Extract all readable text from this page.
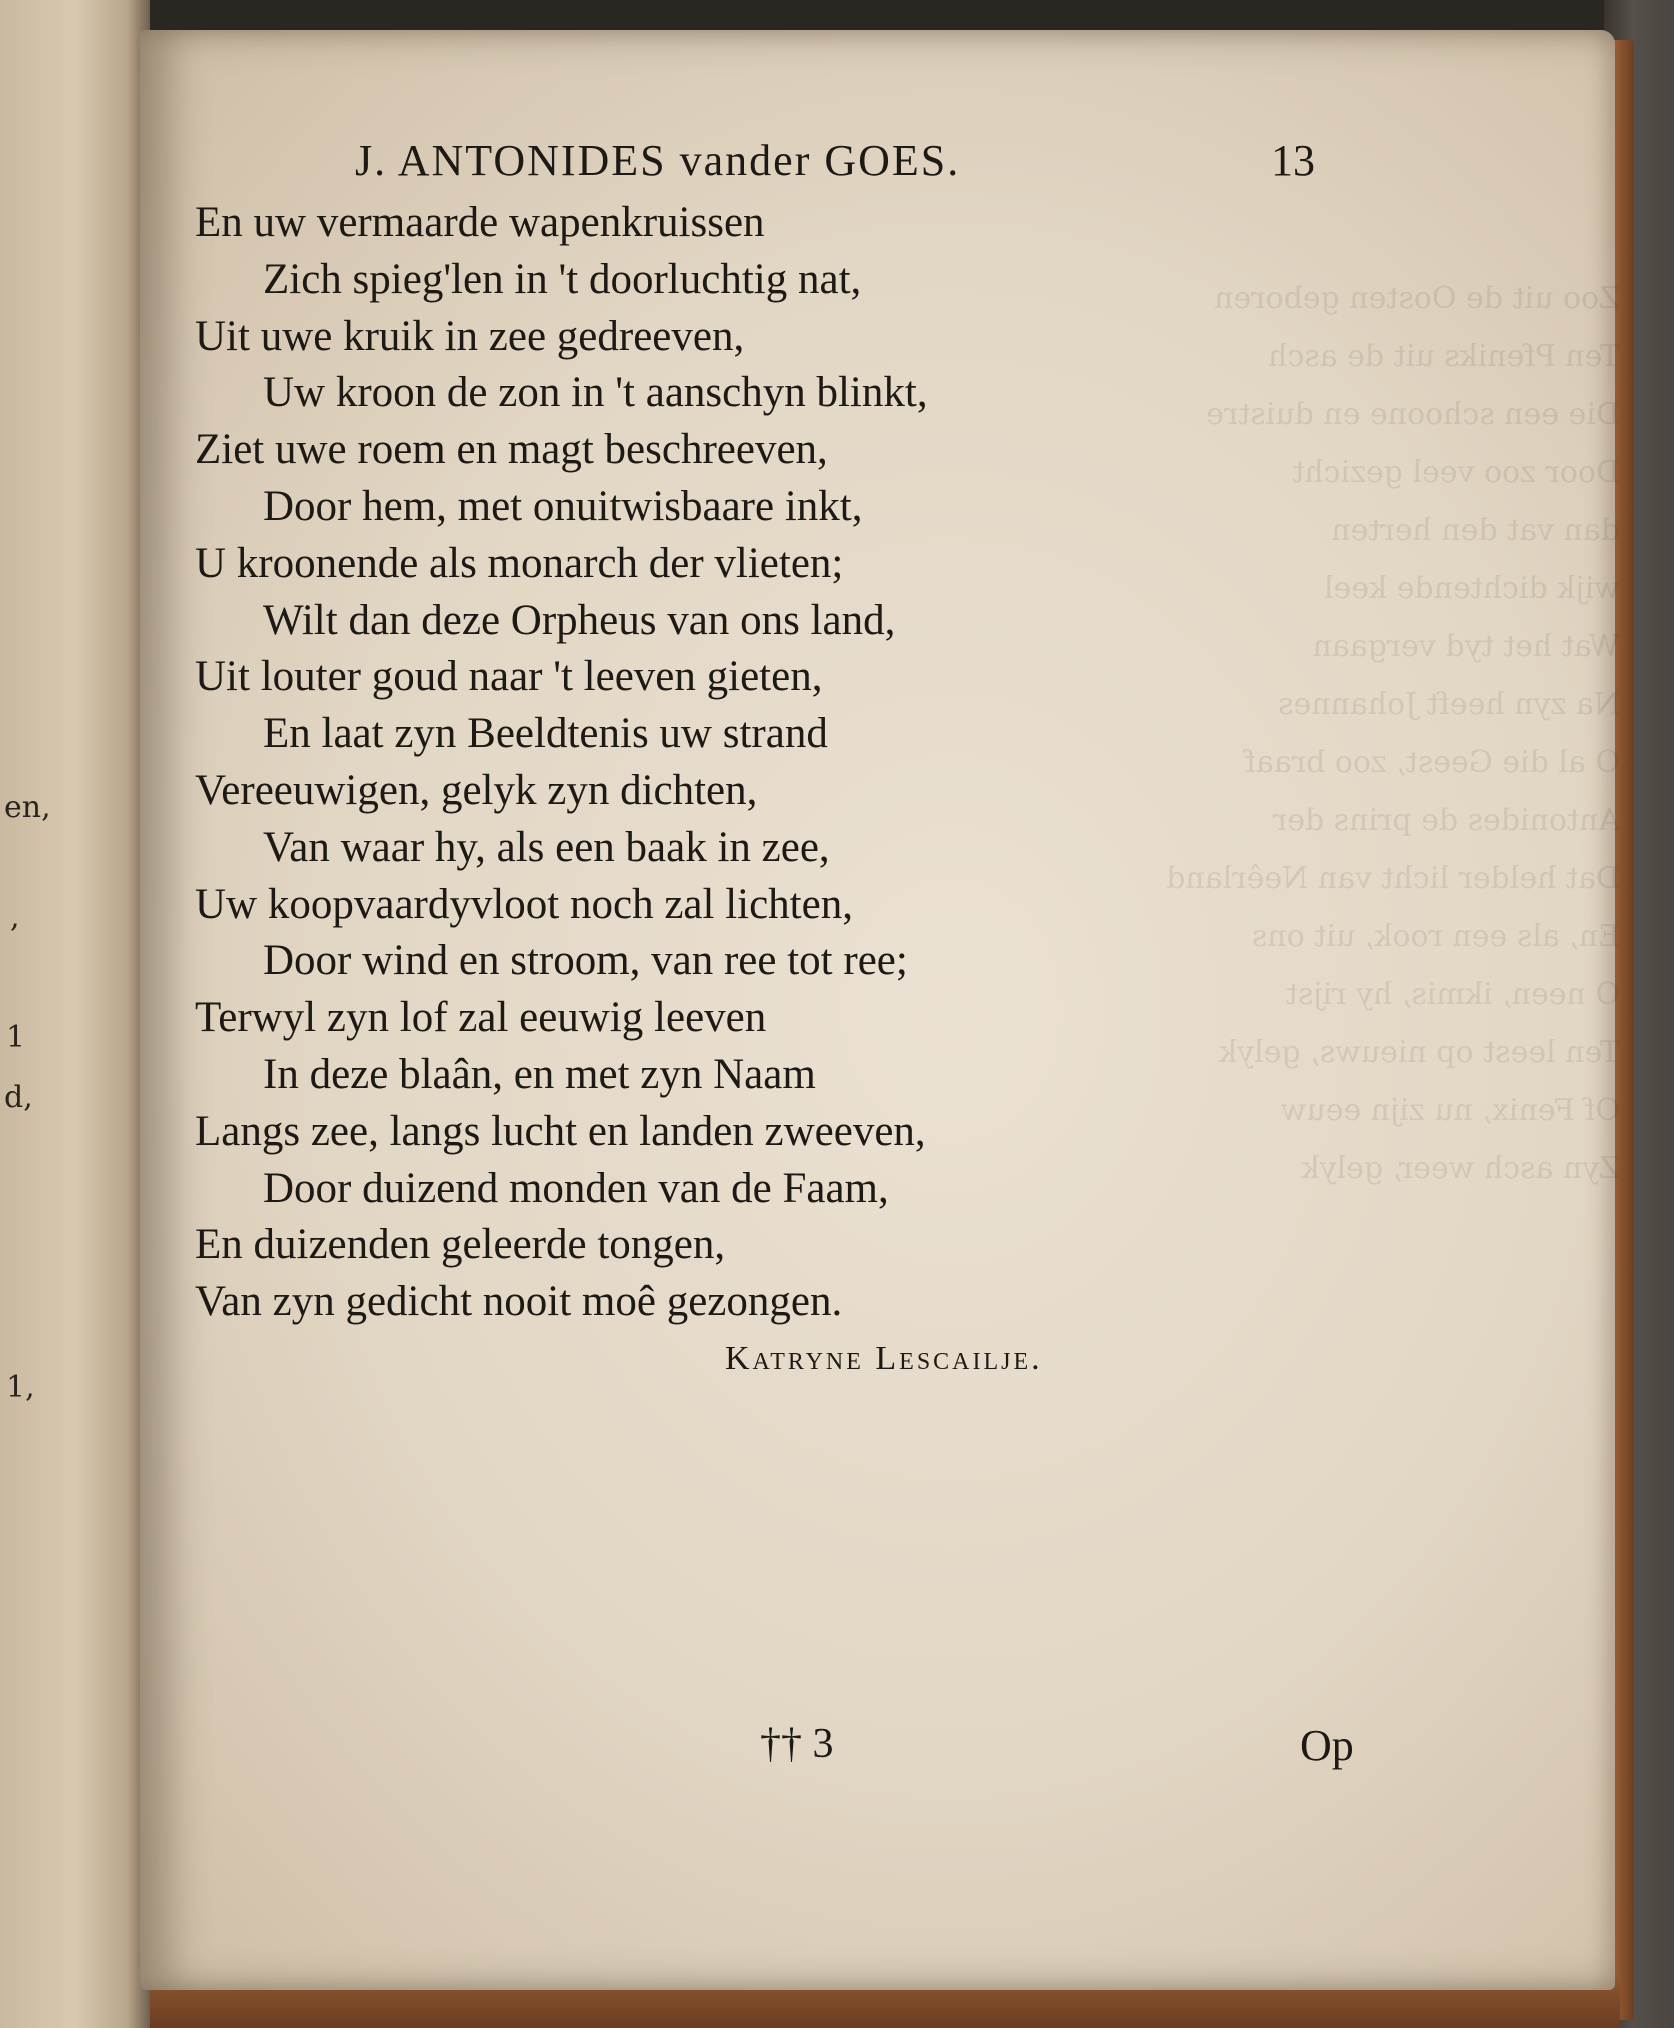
en,
,
d,
1,
1
Zoo uit de Oosten geboren
Ten Pfeniks uit de asch
Die een schoone en duistre
Door zoo veel gezicht
dan vat den herten
wijk dichtende keel
Wat het tyd vergaan
Na zyn heeft Johannes
O al die Geest, zoo braaf
Antonides de prins der
Dat helder licht van Neêrland
En, als een rook, uit ons
O neen, ikmis, hy rijst
Ten leest op nieuws, gelyk
Of Fenix, nu zijn eeuw
Zyn asch weer, gelyk
J. ANTONIDES vander GOES.	13
En uw vermaarde wapenkruissen
Zich spieg'len in 't doorluchtig nat,
Uit uwe kruik in zee gedreeven,
Uw kroon de zon in 't aanschyn blinkt,
Ziet uwe roem en magt beschreeven,
Door hem, met onuitwisbaare inkt,
U kroonende als monarch der vlieten;
Wilt dan deze Orpheus van ons land,
Uit louter goud naar 't leeven gieten,
En laat zyn Beeldtenis uw strand
Vereeuwigen, gelyk zyn dichten,
Van waar hy, als een baak in zee,
Uw koopvaardyvloot noch zal lichten,
Door wind en stroom, van ree tot ree;
Terwyl zyn lof zal eeuwig leeven
In deze blaân, en met zyn Naam
Langs zee, langs lucht en landen zweeven,
Door duizend monden van de Faam,
En duizenden geleerde tongen,
Van zyn gedicht nooit moê gezongen.
Katryne Lescailje.
†† 3	Op
